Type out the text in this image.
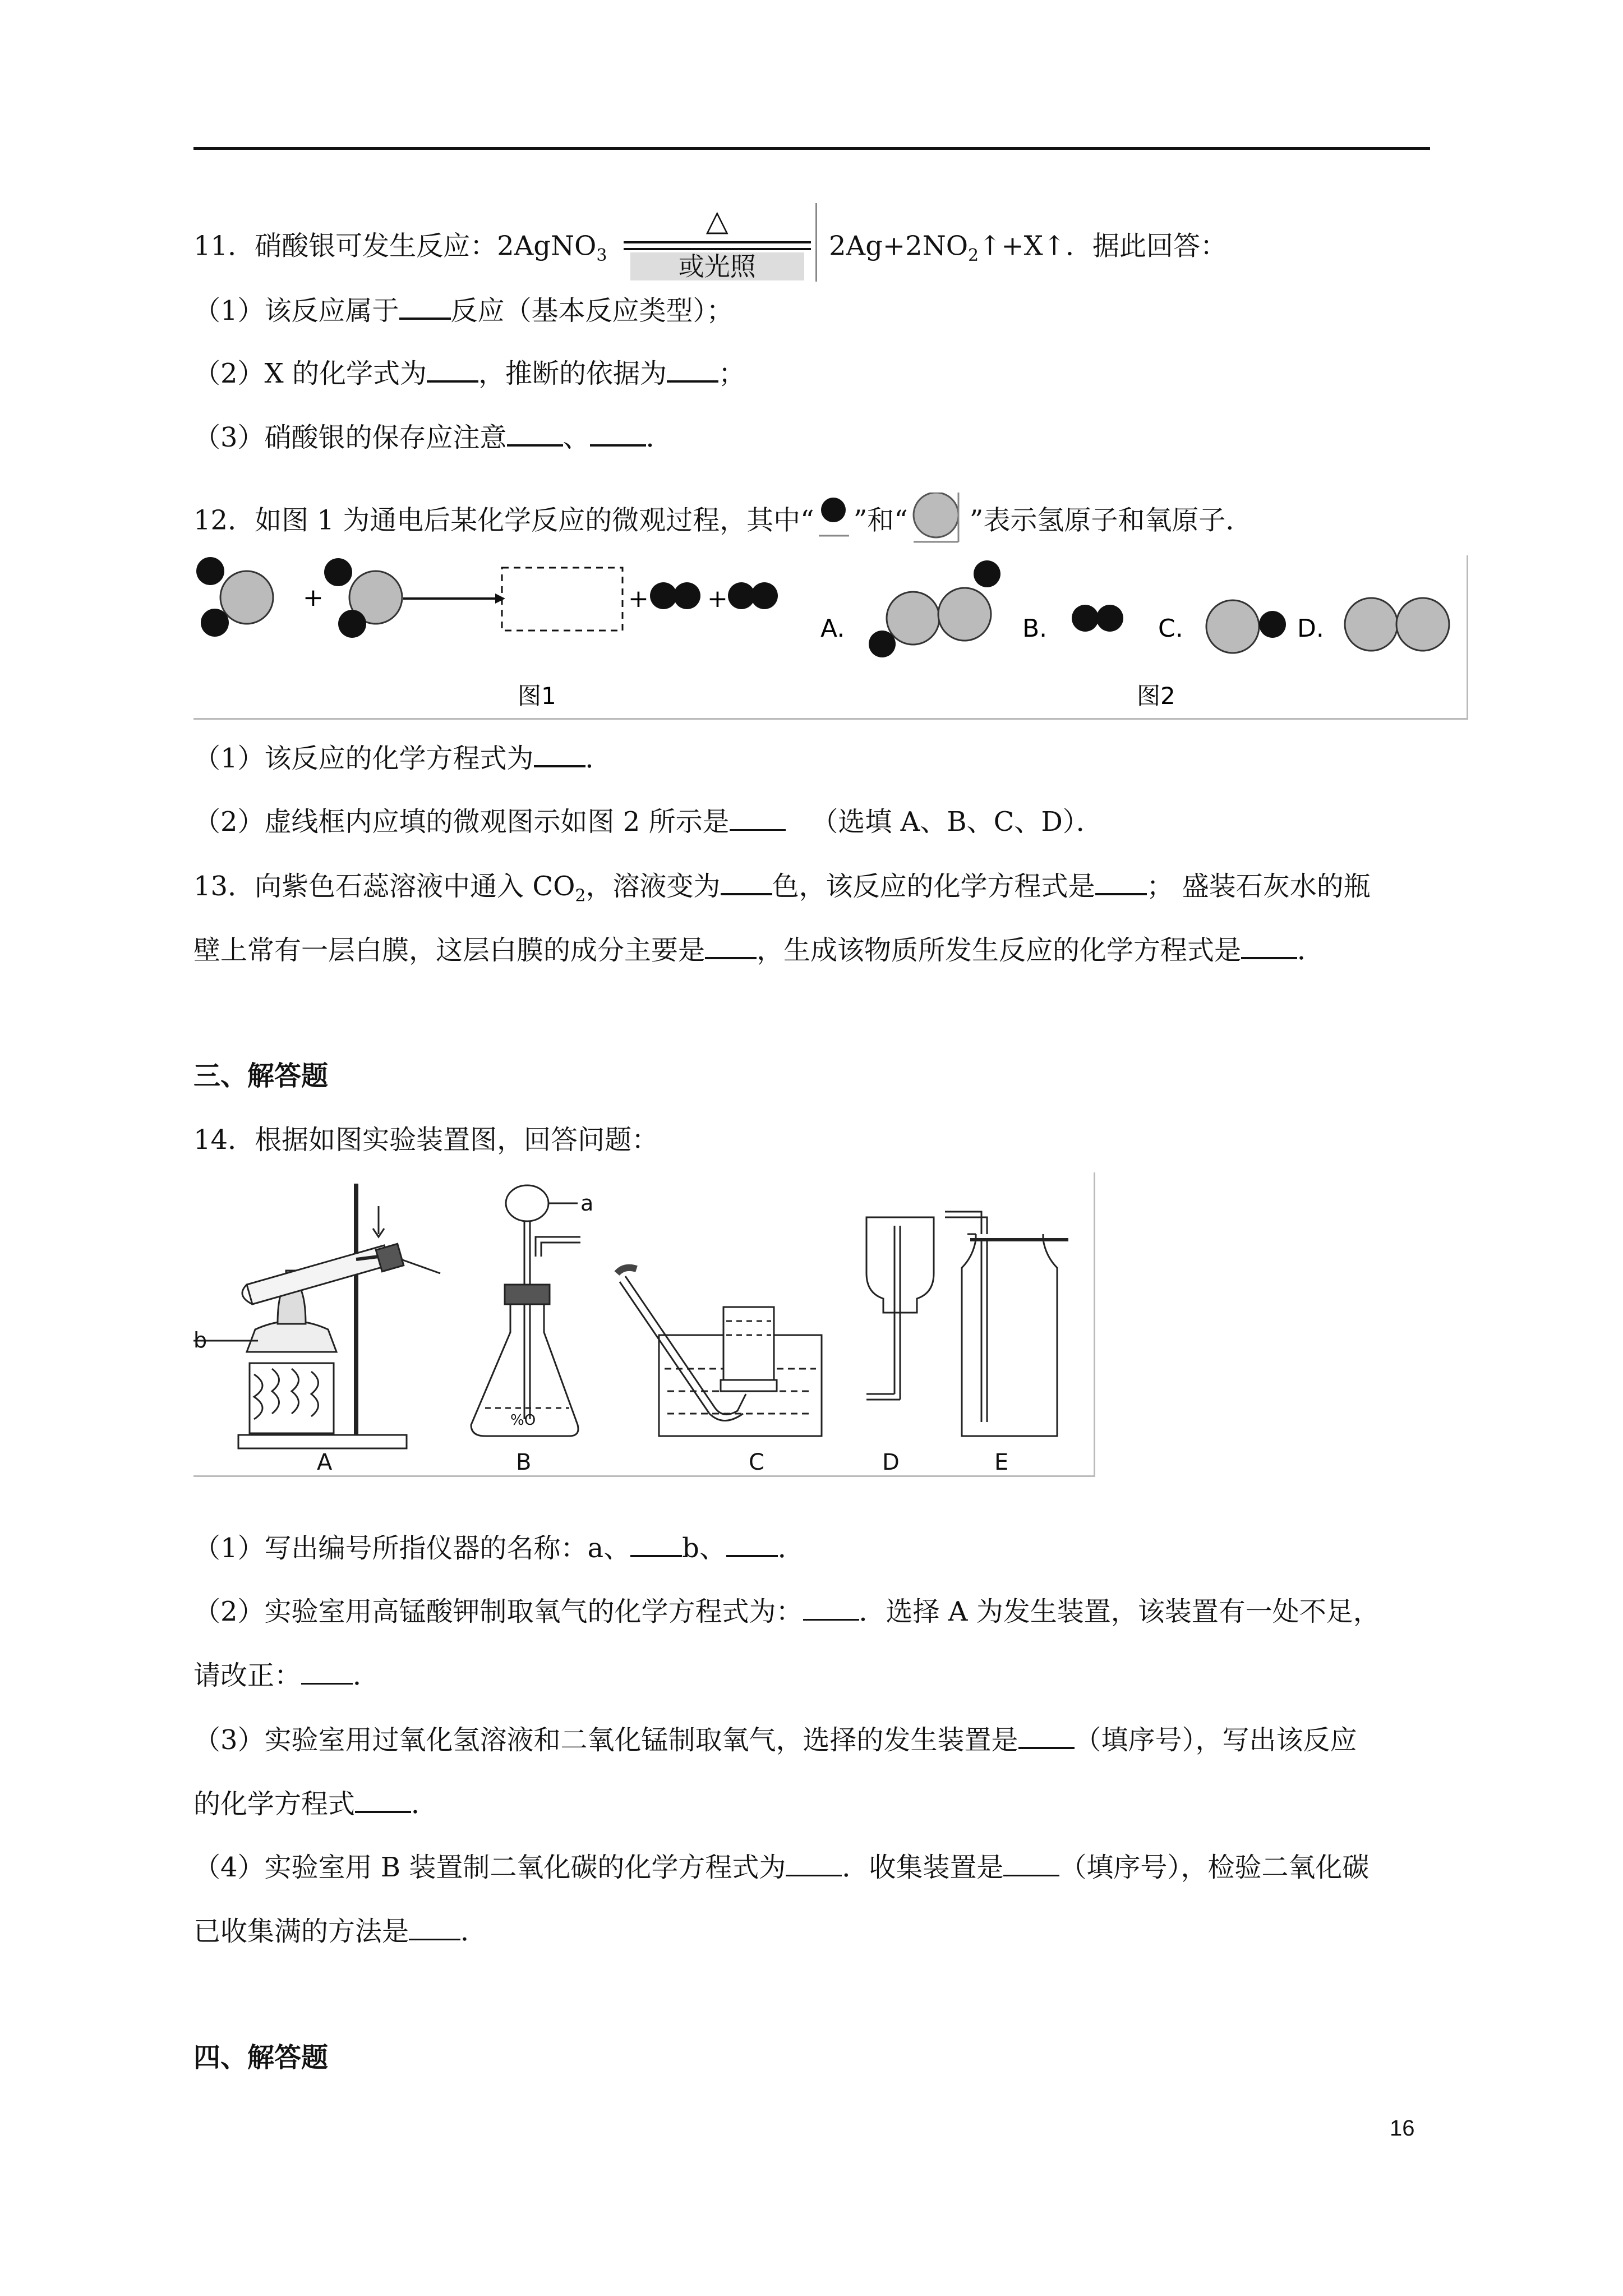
11．硝酸银可发生反应：2AgNO$_3$
△
或光照
$2Ag+2NO_2↑+X↑$．据此回答：
（1）该反应属于 反应（基本反应类型）；
（2）X 的化学式为 ，推断的依据为 ；
（3）硝酸银的保存应注意 、 ．
12．如图 1 为通电后某化学反应的微观过程，其中“ ”和“ ”表示氢原子和氧原子．
+	+ +
A.	B.	C.	D.
图1	图2
（1）该反应的化学方程式为 ．
（2）虚线框内应填的微观图示如图 2 所示是	（选填 A、B、C、D）．
13．向紫色石蕊溶液中通入 $CO_2$，溶液变为 色，该反应的化学方程式是 ； 盛装石灰水的瓶
壁上常有一层白膜，这层白膜的成分主要是 ，生成该物质所发生反应的化学方程式是 ．
三、解答题
14．根据如图实验装置图，回答问题：
b
A
a
%O
B	C	D	E
（1）写出编号所指仪器的名称：a、 b、 ．
（2）实验室用高锰酸钾制取氧气的化学方程式为： ．选择 A 为发生装置，该装置有一处不足，
请改正： ．
（3）实验室用过氧化氢溶液和二氧化锰制取氧气，选择的发生装置是 （填序号），写出该反应
的化学方程式 ．
（4）实验室用 B 装置制二氧化碳的化学方程式为 ．收集装置是 （填序号），检验二氧化碳
已收集满的方法是 ．
四、解答题
16
